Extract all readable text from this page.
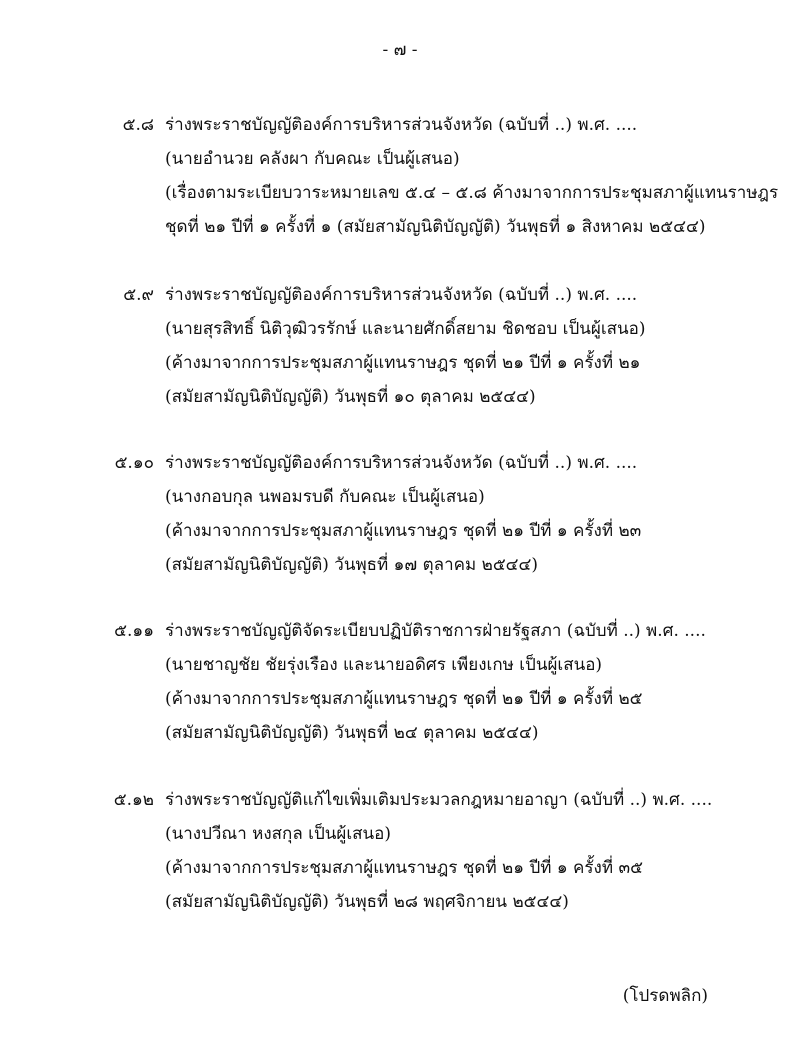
- ๗ -
๕.๘ ร่างพระราชบัญญัติองค์การบริหารส่วนจังหวัด (ฉบับที่ ..) พ.ศ. ....
(นายอำนวย คลังผา กับคณะ เป็นผู้เสนอ)
(เรื่องตามระเบียบวาระหมายเลข ๕.๔ – ๕.๘ ค้างมาจากการประชุมสภาผู้แทนราษฎร
ชุดที่ ๒๑ ปีที่ ๑ ครั้งที่ ๑ (สมัยสามัญนิติบัญญัติ) วันพุธที่ ๑ สิงหาคม ๒๕๔๔)
๕.๙ ร่างพระราชบัญญัติองค์การบริหารส่วนจังหวัด (ฉบับที่ ..) พ.ศ. ....
(นายสุรสิทธิ์ นิติวุฒิวรรักษ์ และนายศักดิ์สยาม ชิดชอบ เป็นผู้เสนอ)
(ค้างมาจากการประชุมสภาผู้แทนราษฎร ชุดที่ ๒๑ ปีที่ ๑ ครั้งที่ ๒๑
(สมัยสามัญนิติบัญญัติ) วันพุธที่ ๑๐ ตุลาคม ๒๕๔๔)
๕.๑๐ ร่างพระราชบัญญัติองค์การบริหารส่วนจังหวัด (ฉบับที่ ..) พ.ศ. ....
(นางกอบกุล นพอมรบดี กับคณะ เป็นผู้เสนอ)
(ค้างมาจากการประชุมสภาผู้แทนราษฎร ชุดที่ ๒๑ ปีที่ ๑ ครั้งที่ ๒๓
(สมัยสามัญนิติบัญญัติ) วันพุธที่ ๑๗ ตุลาคม ๒๕๔๔)
๕.๑๑ ร่างพระราชบัญญัติจัดระเบียบปฏิบัติราชการฝ่ายรัฐสภา (ฉบับที่ ..) พ.ศ. ....
(นายชาญชัย ชัยรุ่งเรือง และนายอดิศร เพียงเกษ เป็นผู้เสนอ)
(ค้างมาจากการประชุมสภาผู้แทนราษฎร ชุดที่ ๒๑ ปีที่ ๑ ครั้งที่ ๒๕
(สมัยสามัญนิติบัญญัติ) วันพุธที่ ๒๔ ตุลาคม ๒๕๔๔)
๕.๑๒ ร่างพระราชบัญญัติแก้ไขเพิ่มเติมประมวลกฎหมายอาญา (ฉบับที่ ..) พ.ศ. ....
(นางปวีณา หงสกุล เป็นผู้เสนอ)
(ค้างมาจากการประชุมสภาผู้แทนราษฎร ชุดที่ ๒๑ ปีที่ ๑ ครั้งที่ ๓๕
(สมัยสามัญนิติบัญญัติ) วันพุธที่ ๒๘ พฤศจิกายน ๒๕๔๔)
(โปรดพลิก)
